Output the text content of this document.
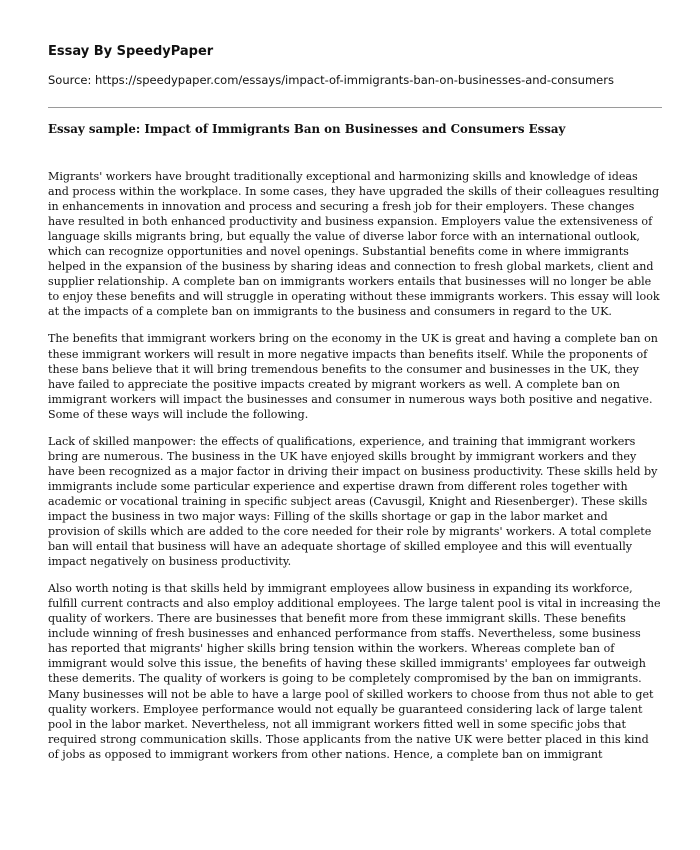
Essay By SpeedyPaper
Source: https://speedypaper.com/essays/impact-of-immigrants-ban-on-businesses-and-consumers
Essay sample: Impact of Immigrants Ban on Businesses and Consumers Essay

Migrants' workers have brought traditionally exceptional and harmonizing skills and knowledge of ideas and process within the workplace. In some cases, they have upgraded the skills of their colleagues resulting in enhancements in innovation and process and securing a fresh job for their employers. These changes have resulted in both enhanced productivity and business expansion. Employers value the extensiveness of language skills migrants bring, but equally the value of diverse labor force with an international outlook, which can recognize opportunities and novel openings. Substantial benefits come in where immigrants helped in the expansion of the business by sharing ideas and connection to fresh global markets, client and supplier relationship. A complete ban on immigrants workers entails that businesses will no longer be able to enjoy these benefits and will struggle in operating without these immigrants workers. This essay will look at the impacts of a complete ban on immigrants to the business and consumers in regard to the UK.

The benefits that immigrant workers bring on the economy in the UK is great and having a complete ban on these immigrant workers will result in more negative impacts than benefits itself. While the proponents of these bans believe that it will bring tremendous benefits to the consumer and businesses in the UK, they have failed to appreciate the positive impacts created by migrant workers as well. A complete ban on immigrant workers will impact the businesses and consumer in numerous ways both positive and negative. Some of these ways will include the following.

Lack of skilled manpower: the effects of qualifications, experience, and training that immigrant workers bring are numerous. The business in the UK have enjoyed skills brought by immigrant workers and they have been recognized as a major factor in driving their impact on business productivity. These skills held by immigrants include some particular experience and expertise drawn from different roles together with academic or vocational training in specific subject areas (Cavusgil, Knight and Riesenberger). These skills impact the business in two major ways: Filling of the skills shortage or gap in the labor market and provision of skills which are added to the core needed for their role by migrants' workers. A total complete ban will entail that business will have an adequate shortage of skilled employee and this will eventually impact negatively on business productivity.

Also worth noting is that skills held by immigrant employees allow business in expanding its workforce, fulfill current contracts and also employ additional employees. The large talent pool is vital in increasing the quality of workers. There are businesses that benefit more from these immigrant skills. These benefits include winning of fresh businesses and enhanced performance from staffs. Nevertheless, some business has reported that migrants' higher skills bring tension within the workers. Whereas complete ban of immigrant would solve this issue, the benefits of having these skilled immigrants' employees far outweigh these demerits. The quality of workers is going to be completely compromised by the ban on immigrants. Many businesses will not be able to have a large pool of skilled workers to choose from thus not able to get quality workers. Employee performance would not equally be guaranteed considering lack of large talent pool in the labor market. Nevertheless, not all immigrant workers fitted well in some specific jobs that required strong communication skills. Those applicants from the native UK were better placed in this kind of jobs as opposed to immigrant workers from other nations. Hence, a complete ban on immigrant
